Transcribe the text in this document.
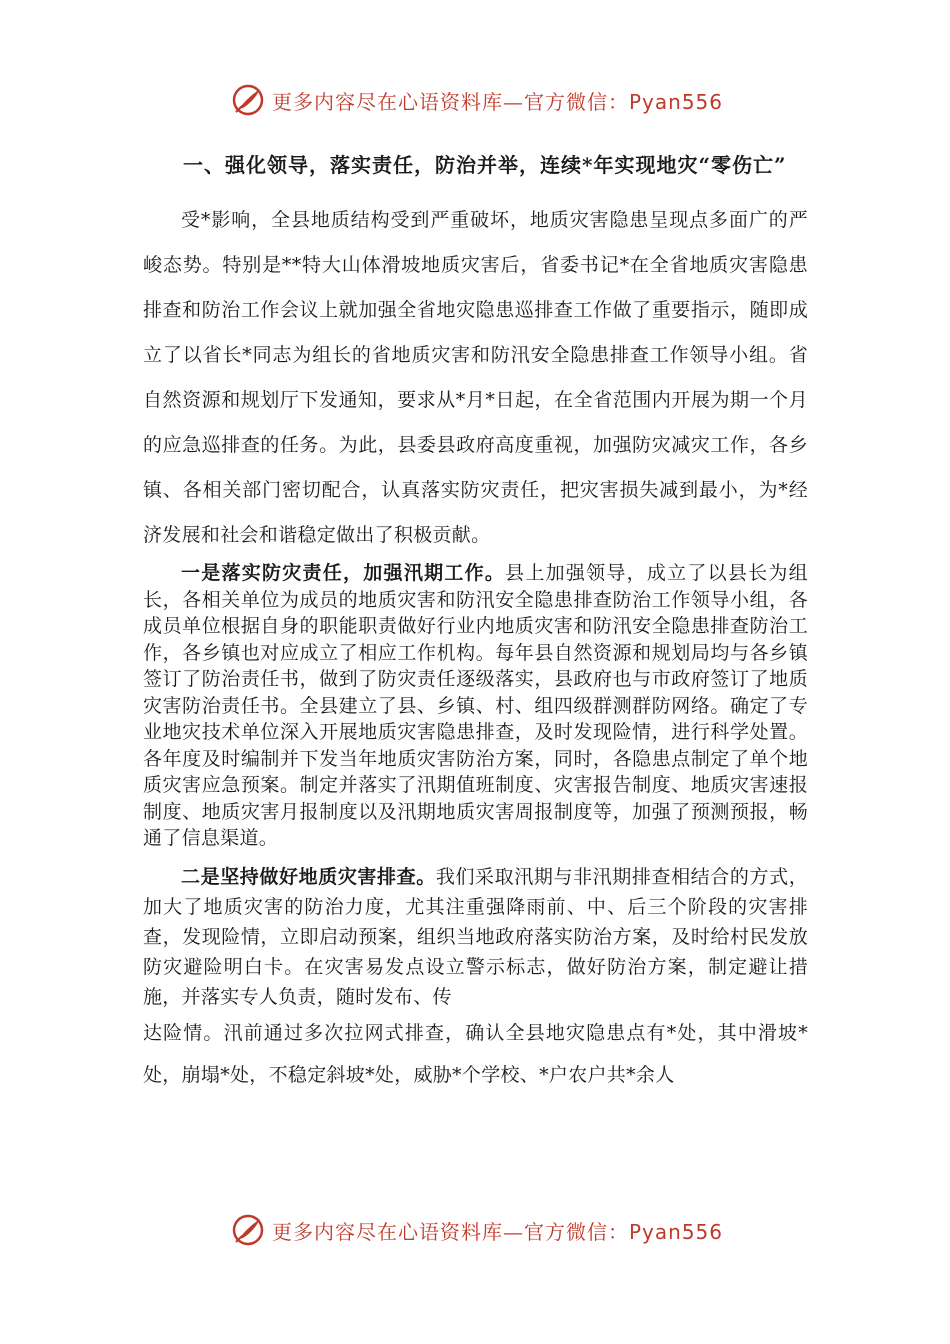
更多内容尽在心语资料库—官方微信：Pyan556
一、强化领导，落实责任，防治并举，连续*年实现地灾“零伤亡”

受*影响，全县地质结构受到严重破坏，地质灾害隐患呈现点多面广的严峻态势。特别是**特大山体滑坡地质灾害后，省委书记*在全省地质灾害隐患排查和防治工作会议上就加强全省地灾隐患巡排查工作做了重要指示，随即成立了以省长*同志为组长的省地质灾害和防汛安全隐患排查工作领导小组。省自然资源和规划厅下发通知，要求从*月*日起，在全省范围内开展为期一个月的应急巡排查的任务。为此，县委县政府高度重视，加强防灾减灾工作，各乡镇、各相关部门密切配合，认真落实防灾责任，把灾害损失减到最小，为*经济发展和社会和谐稳定做出了积极贡献。

一是落实防灾责任，加强汛期工作。县上加强领导，成立了以县长为组长，各相关单位为成员的地质灾害和防汛安全隐患排查防治工作领导小组，各成员单位根据自身的职能职责做好行业内地质灾害和防汛安全隐患排查防治工作，各乡镇也对应成立了相应工作机构。每年县自然资源和规划局均与各乡镇签订了防治责任书，做到了防灾责任逐级落实，县政府也与市政府签订了地质灾害防治责任书。全县建立了县、乡镇、村、组四级群测群防网络。确定了专业地灾技术单位深入开展地质灾害隐患排查，及时发现险情，进行科学处置。各年度及时编制并下发当年地质灾害防治方案，同时，各隐患点制定了单个地质灾害应急预案。制定并落实了汛期值班制度、灾害报告制度、地质灾害速报制度、地质灾害月报制度以及汛期地质灾害周报制度等，加强了预测预报，畅通了信息渠道。

二是坚持做好地质灾害排查。我们采取汛期与非汛期排查相结合的方式，加大了地质灾害的防治力度，尤其注重强降雨前、中、后三个阶段的灾害排查，发现险情，立即启动预案，组织当地政府落实防治方案，及时给村民发放防灾避险明白卡。在灾害易发点设立警示标志，做好防治方案，制定避让措施，并落实专人负责，随时发布、传

达险情。汛前通过多次拉网式排查，确认全县地灾隐患点有*处，其中滑坡*处，崩塌*处，不稳定斜坡*处，威胁*个学校、*户农户共*余人

更多内容尽在心语资料库—官方微信：Pyan556
